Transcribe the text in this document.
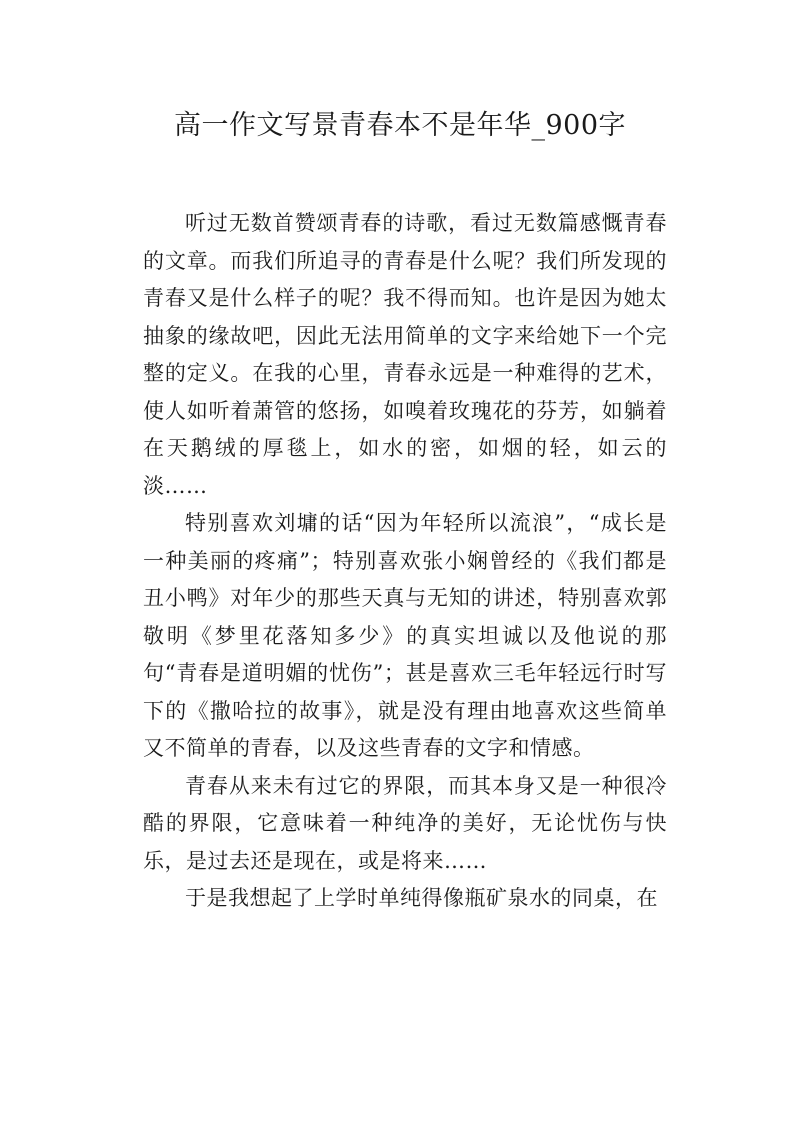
高一作文写景青春本不是年华_900字

听过无数首赞颂青春的诗歌，看过无数篇感慨青春的文章。而我们所追寻的青春是什么呢？我们所发现的青春又是什么样子的呢？我不得而知。也许是因为她太抽象的缘故吧，因此无法用简单的文字来给她下一个完整的定义。在我的心里，青春永远是一种难得的艺术，使人如听着萧管的悠扬，如嗅着玫瑰花的芬芳，如躺着在天鹅绒的厚毯上，如水的密，如烟的轻，如云的淡……

特别喜欢刘墉的话“因为年轻所以流浪”，“成长是一种美丽的疼痛”；特别喜欢张小娴曾经的《我们都是丑小鸭》对年少的那些天真与无知的讲述，特别喜欢郭敬明《梦里花落知多少》的真实坦诚以及他说的那句“青春是道明媚的忧伤”；甚是喜欢三毛年轻远行时写下的《撒哈拉的故事》，就是没有理由地喜欢这些简单又不简单的青春，以及这些青春的文字和情感。

青春从来未有过它的界限，而其本身又是一种很冷酷的界限，它意味着一种纯净的美好，无论忧伤与快乐，是过去还是现在，或是将来……

于是我想起了上学时单纯得像瓶矿泉水的同桌，在
